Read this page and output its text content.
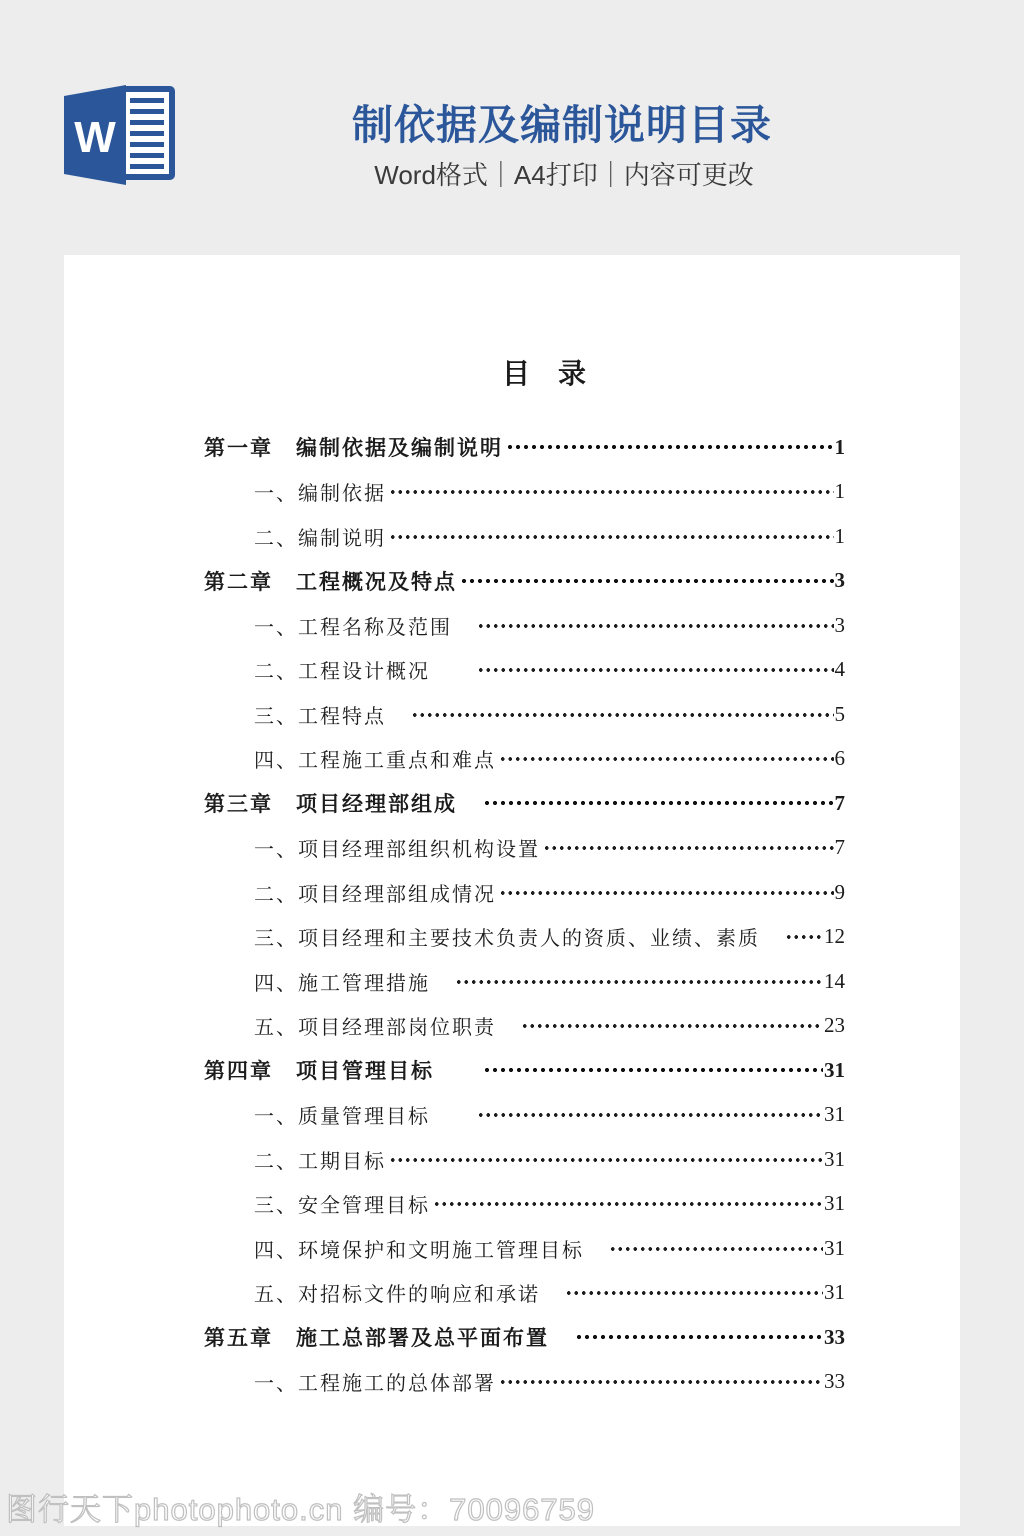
W	制依据及编制说明目录
Word格式｜A4打印｜内容可更改
目　录
第一章　编制依据及编制说明	1
一、编制依据	1
二、编制说明	1
第二章　工程概况及特点	3
一、工程名称及范围　	3
二、工程设计概况　　	4
三、工程特点　	5
四、工程施工重点和难点	6
第三章　项目经理部组成　	7
一、项目经理部组织机构设置	7
二、项目经理部组成情况	9
三、项目经理和主要技术负责人的资质、业绩、素质　 12
四、施工管理措施　	14
五、项目经理部岗位职责　	23
第四章　项目管理目标　　	31
一、质量管理目标　　	31
二、工期目标	31
三、安全管理目标	31
四、环境保护和文明施工管理目标　	31
五、对招标文件的响应和承诺　	31
第五章　施工总部署及总平面布置　	33
一、工程施工的总体部署	33
图行天下photophoto.cn 编号：70096759
